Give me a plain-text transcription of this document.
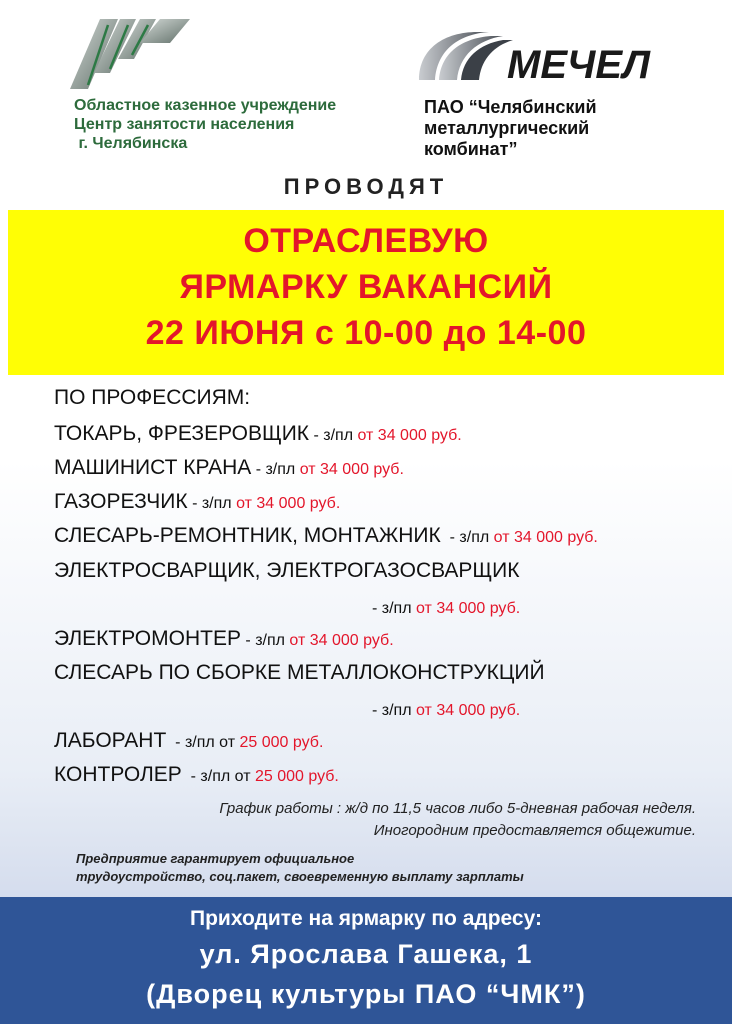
Областное казенное учреждение
Центр занятости населения
г. Челябинска
МЕЧЕЛ
ПАО “Челябинский
металлургический
комбинат”
ПРОВОДЯТ
ОТРАСЛЕВУЮ
ЯРМАРКУ ВАКАНСИЙ
22 ИЮНЯ с 10-00 до 14-00
ПО ПРОФЕССИЯМ:
ТОКАРЬ, ФРЕЗЕРОВЩИК - з/пл от 34 000 руб.
МАШИНИСТ КРАНА - з/пл от 34 000 руб.
ГАЗОРЕЗЧИК - з/пл от 34 000 руб.
СЛЕСАРЬ-РЕМОНТНИК, МОНТАЖНИК  - з/пл от 34 000 руб.
ЭЛЕКТРОСВАРЩИК, ЭЛЕКТРОГАЗОСВАРЩИК
- з/пл от 34 000 руб.
ЭЛЕКТРОМОНТЕР - з/пл от 34 000 руб.
СЛЕСАРЬ ПО СБОРКЕ МЕТАЛЛОКОНСТРУКЦИЙ
- з/пл от 34 000 руб.
ЛАБОРАНТ  - з/пл от 25 000 руб.
КОНТРОЛЕР  - з/пл от 25 000 руб.
График работы : ж/д по 11,5 часов либо 5-дневная рабочая неделя.
Иногородним предоставляется общежитие.
Предприятие гарантирует официальное
трудоустройство, соц.пакет, своевременную выплату зарплаты
Приходите на ярмарку по адресу:
ул. Ярослава Гашека, 1
(Дворец культуры ПАО “ЧМК”)
